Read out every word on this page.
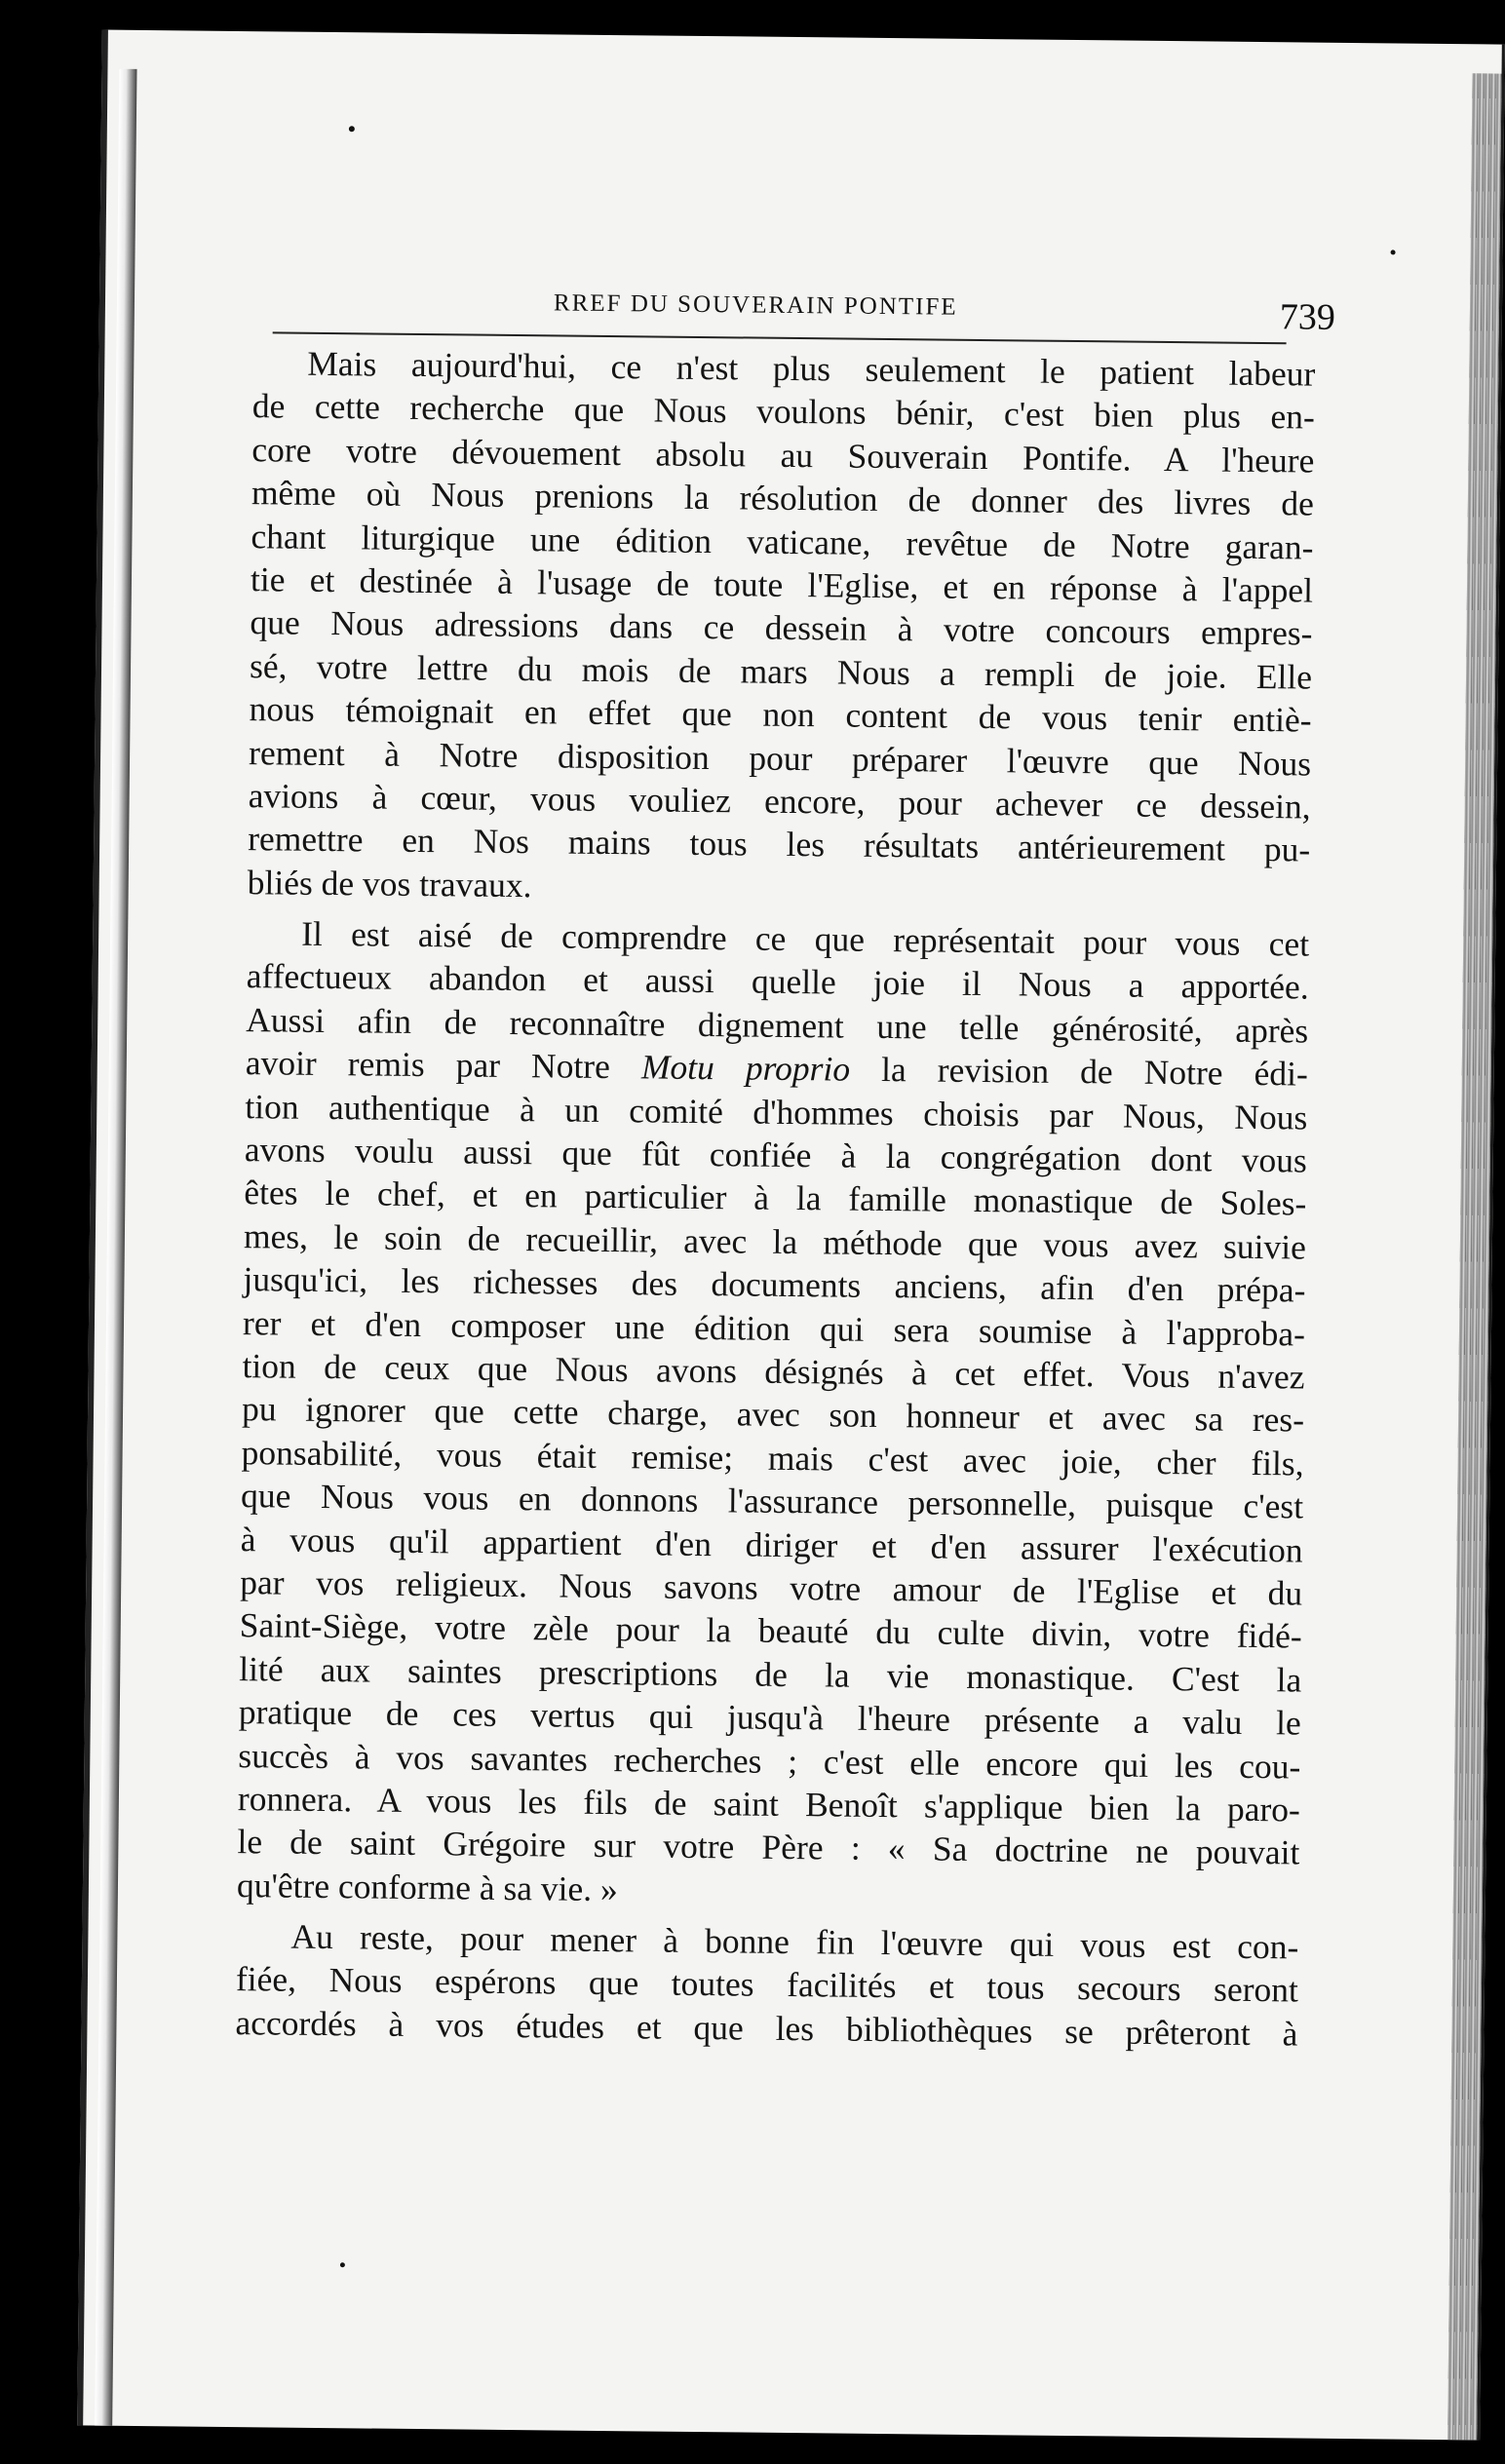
RREF DU SOUVERAIN PONTIFE	739
Mais aujourd'hui, ce n'est plus seulement le patient labeur
de cette recherche que Nous voulons bénir, c'est bien plus en-
core votre dévouement absolu au Souverain Pontife. A l'heure
même où Nous prenions la résolution de donner des livres de
chant liturgique une édition vaticane, revêtue de Notre garan-
tie et destinée à l'usage de toute l'Eglise, et en réponse à l'appel
que Nous adressions dans ce dessein à votre concours empres-
sé, votre lettre du mois de mars Nous a rempli de joie. Elle
nous témoignait en effet que non content de vous tenir entiè-
rement à Notre disposition pour préparer l'œuvre que Nous
avions à cœur, vous vouliez encore, pour achever ce dessein,
remettre en Nos mains tous les résultats antérieurement pu-
bliés de vos travaux.
Il est aisé de comprendre ce que représentait pour vous cet
affectueux abandon et aussi quelle joie il Nous a apportée.
Aussi afin de reconnaître dignement une telle générosité, après
avoir remis par Notre Motu proprio la revision de Notre édi-
tion authentique à un comité d'hommes choisis par Nous, Nous
avons voulu aussi que fût confiée à la congrégation dont vous
êtes le chef, et en particulier à la famille monastique de Soles-
mes, le soin de recueillir, avec la méthode que vous avez suivie
jusqu'ici, les richesses des documents anciens, afin d'en prépa-
rer et d'en composer une édition qui sera soumise à l'approba-
tion de ceux que Nous avons désignés à cet effet. Vous n'avez
pu ignorer que cette charge, avec son honneur et avec sa res-
ponsabilité, vous était remise; mais c'est avec joie, cher fils,
que Nous vous en donnons l'assurance personnelle, puisque c'est
à vous qu'il appartient d'en diriger et d'en assurer l'exécution
par vos religieux. Nous savons votre amour de l'Eglise et du
Saint-Siège, votre zèle pour la beauté du culte divin, votre fidé-
lité aux saintes prescriptions de la vie monastique. C'est la
pratique de ces vertus qui jusqu'à l'heure présente a valu le
succès à vos savantes recherches ; c'est elle encore qui les cou-
ronnera. A vous les fils de saint Benoît s'applique bien la paro-
le de saint Grégoire sur votre Père : « Sa doctrine ne pouvait
qu'être conforme à sa vie. »
Au reste, pour mener à bonne fin l'œuvre qui vous est con-
fiée, Nous espérons que toutes facilités et tous secours seront
accordés à vos études et que les bibliothèques se prêteront à
